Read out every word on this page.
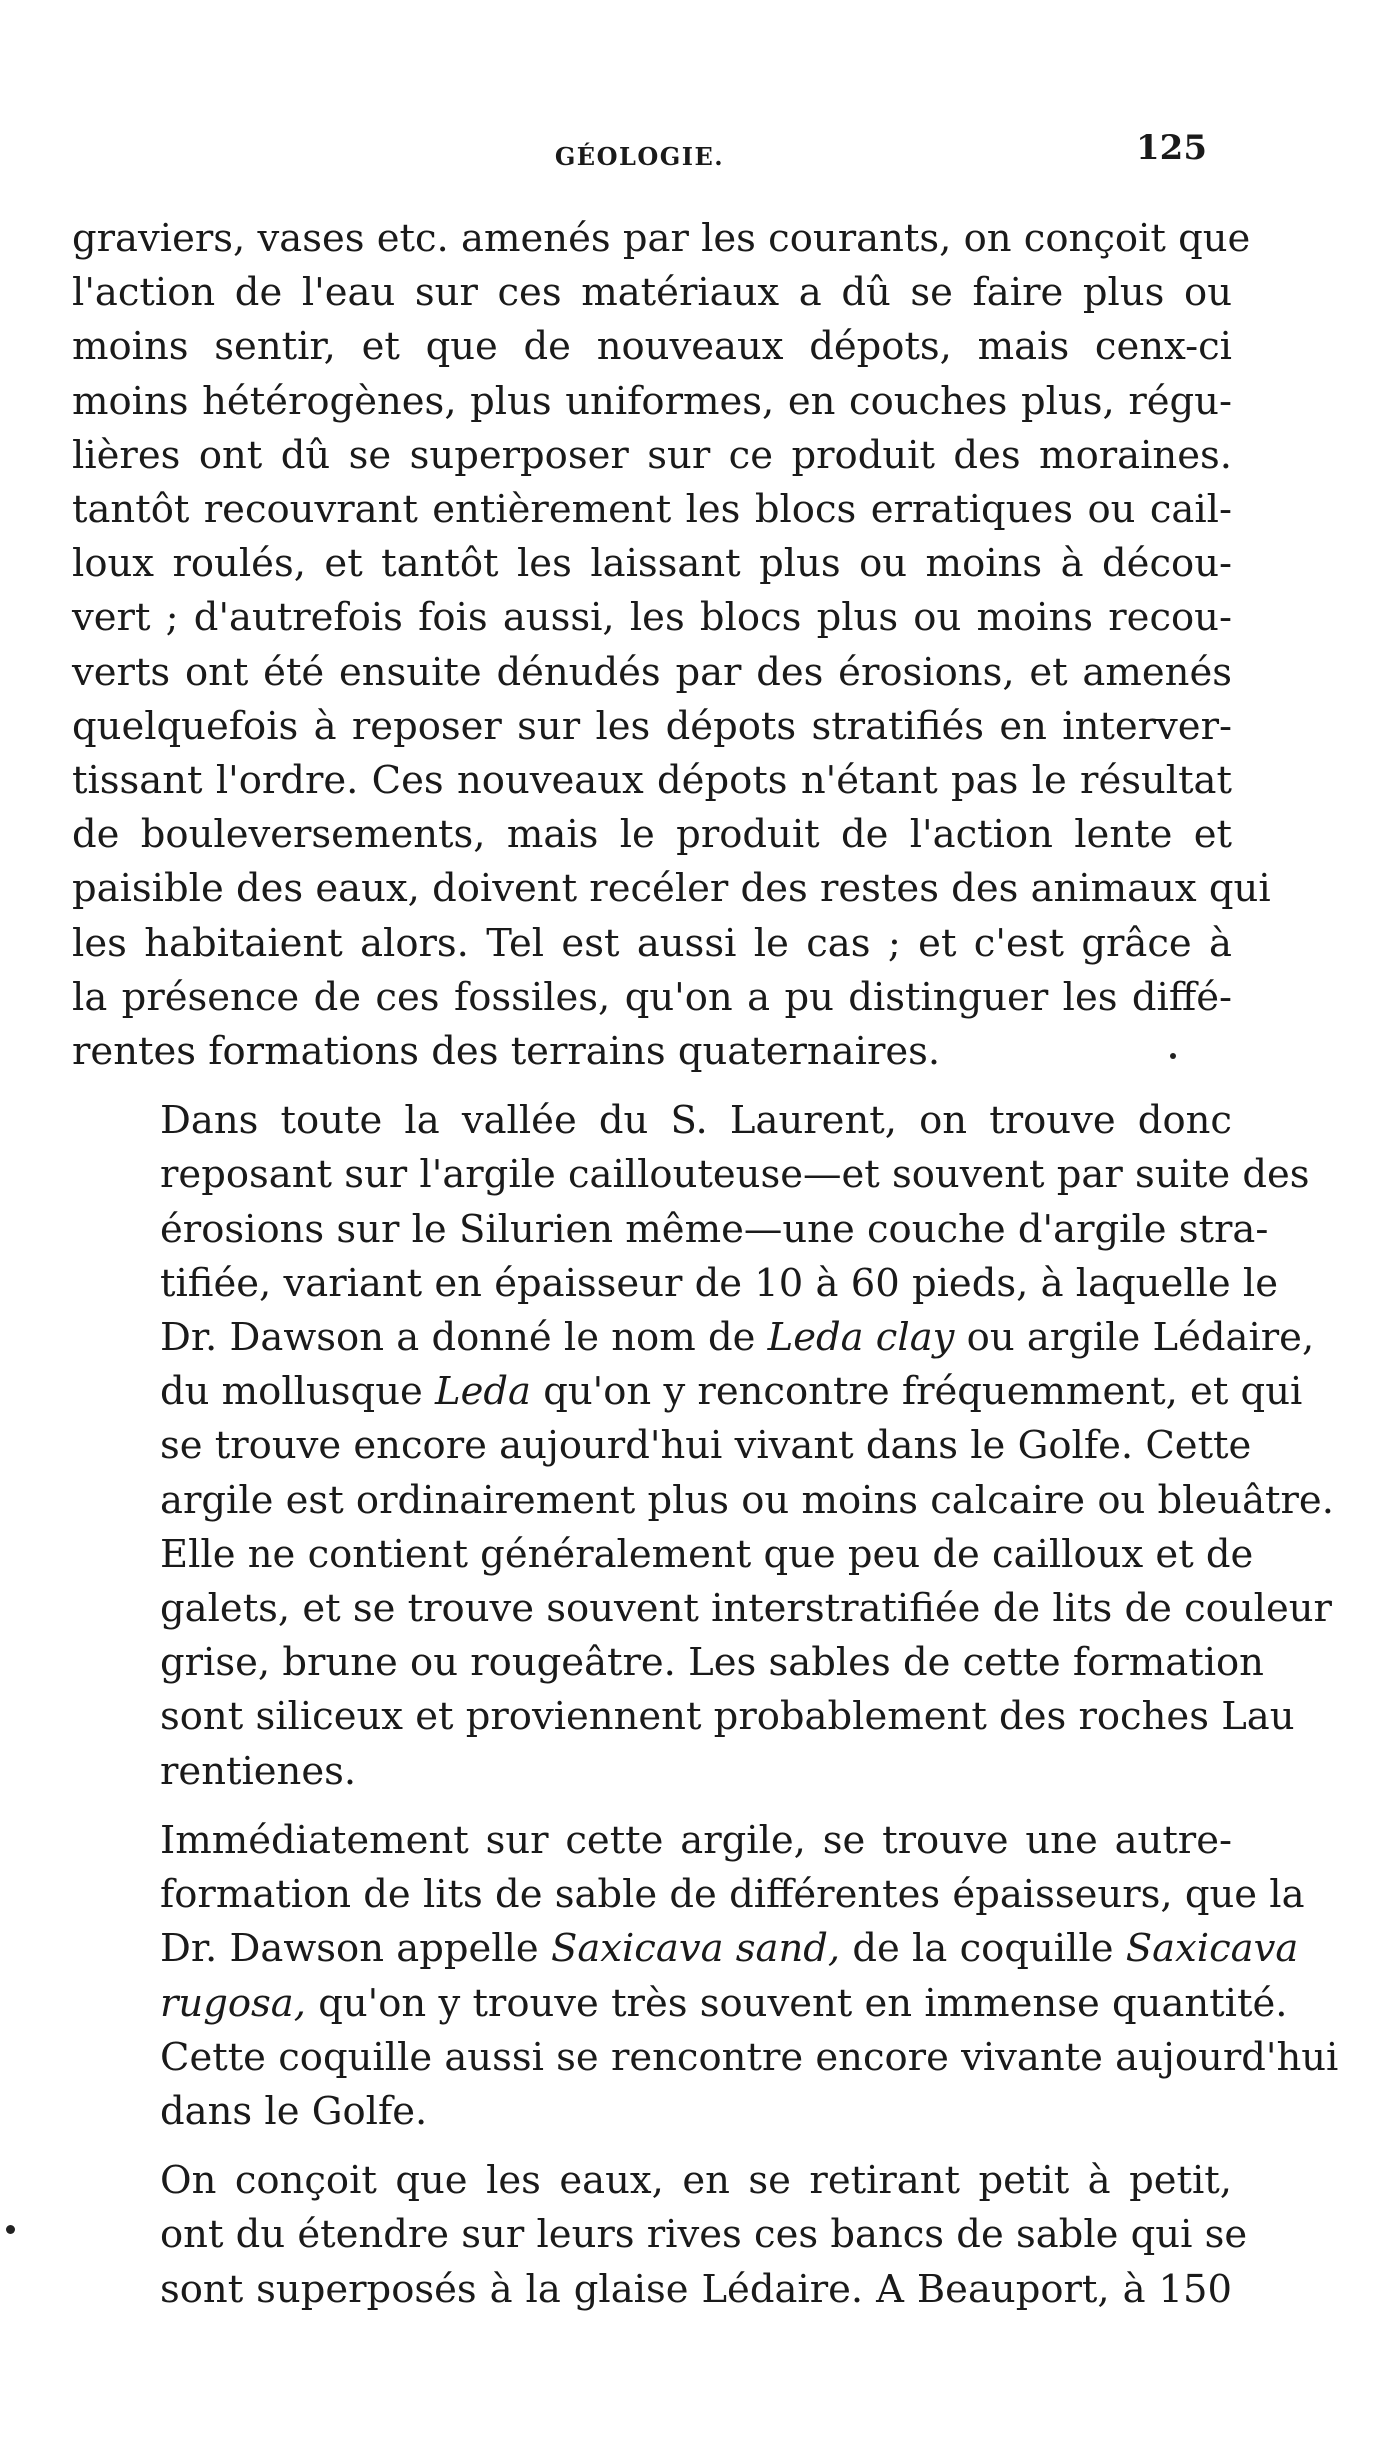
GÉOLOGIE.	125
graviers, vases etc. amenés par les courants, on conçoit que
l'action de l'eau sur ces matériaux a dû se faire plus ou
moins sentir, et que de nouveaux dépots, mais cenx-ci
moins hétérogènes, plus uniformes, en couches plus, régu-
lières ont dû se superposer sur ce produit des moraines.
tantôt recouvrant entièrement les blocs erratiques ou cail-
loux roulés, et tantôt les laissant plus ou moins à décou-
vert ; d'autrefois fois aussi, les blocs plus ou moins recou-
verts ont été ensuite dénudés par des érosions, et amenés
quelquefois à reposer sur les dépots stratifiés en interver-
tissant l'ordre. Ces nouveaux dépots n'étant pas le résultat
de bouleversements, mais le produit de l'action lente et
paisible des eaux, doivent recéler des restes des animaux qui
les habitaient alors. Tel est aussi le cas ; et c'est grâce à
la présence de ces fossiles, qu'on a pu distinguer les diffé-
rentes formations des terrains quaternaires.
Dans toute la vallée du S. Laurent, on trouve donc
reposant sur l'argile caillouteuse—et souvent par suite des
érosions sur le Silurien même—une couche d'argile stra-
tifiée, variant en épaisseur de 10 à 60 pieds, à laquelle le
Dr. Dawson a donné le nom de Leda clay ou argile Lédaire,
du mollusque Leda qu'on y rencontre fréquemment, et qui
se trouve encore aujourd'hui vivant dans le Golfe. Cette
argile est ordinairement plus ou moins calcaire ou bleuâtre.
Elle ne contient généralement que peu de cailloux et de
galets, et se trouve souvent interstratifiée de lits de couleur
grise, brune ou rougeâtre. Les sables de cette formation
sont siliceux et proviennent probablement des roches Lau
rentienes.
Immédiatement sur cette argile, se trouve une autre-
formation de lits de sable de différentes épaisseurs, que la
Dr. Dawson appelle Saxicava sand, de la coquille Saxicava
rugosa, qu'on y trouve très souvent en immense quantité.
Cette coquille aussi se rencontre encore vivante aujourd'hui
dans le Golfe.
On conçoit que les eaux, en se retirant petit à petit,
ont du étendre sur leurs rives ces bancs de sable qui se
sont superposés à la glaise Lédaire. A Beauport, à 150
